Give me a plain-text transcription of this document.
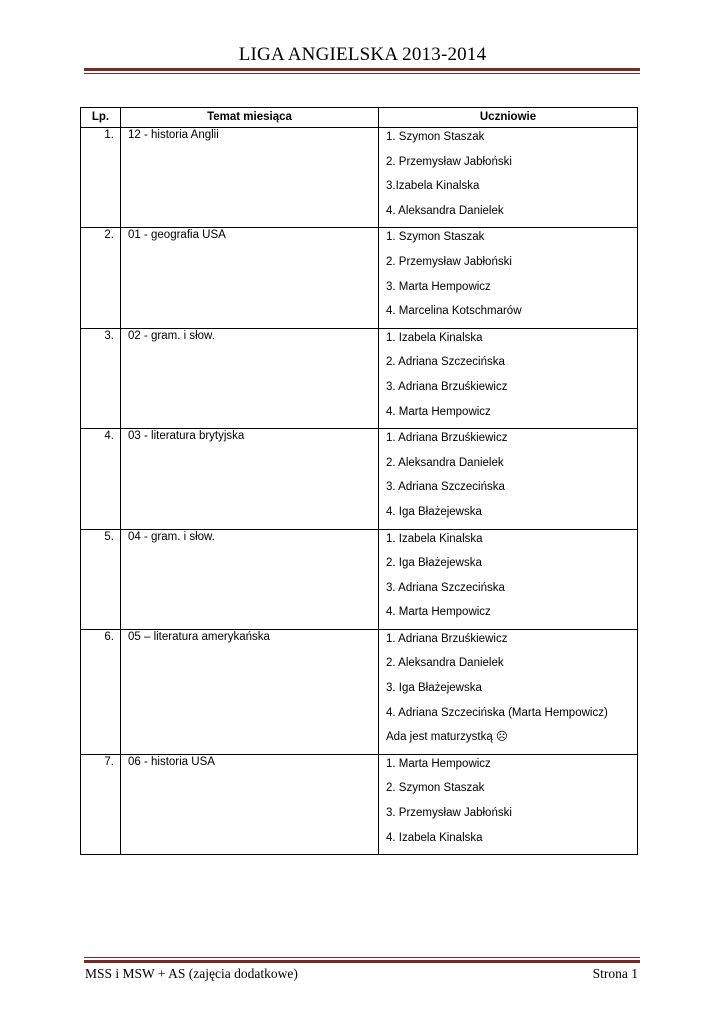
LIGA ANGIELSKA 2013-2014
Lp.	Temat miesiąca	Uczniowie
1.	12 - historia Anglii	1. Szymon Staszak
2. Przemysław Jabłoński
3.Izabela Kinalska
4. Aleksandra Danielek

2.	01 - geografia USA	1. Szymon Staszak
2. Przemysław Jabłoński
3. Marta Hempowicz
4. Marcelina Kotschmarów

3.	02 - gram. i słow.	1. Izabela Kinalska
2. Adriana Szczecińska
3. Adriana Brzuśkiewicz
4. Marta Hempowicz

4.	03 - literatura brytyjska	1. Adriana Brzuśkiewicz
2. Aleksandra Danielek
3. Adriana Szczecińska
4. Iga Błażejewska

5.	04 - gram. i słow.	1. Izabela Kinalska
2. Iga Błażejewska
3. Adriana Szczecińska
4. Marta Hempowicz

6.	05 – literatura amerykańska	1. Adriana Brzuśkiewicz
2. Aleksandra Danielek
3. Iga Błażejewska
4. Adriana Szczecińska (Marta Hempowicz)
Ada jest maturzystką ☹

7.	06 - historia USA	1. Marta Hempowicz
2. Szymon Staszak
3. Przemysław Jabłoński
4. Izabela Kinalska
MSS i MSW + AS (zajęcia dodatkowe)	Strona 1
